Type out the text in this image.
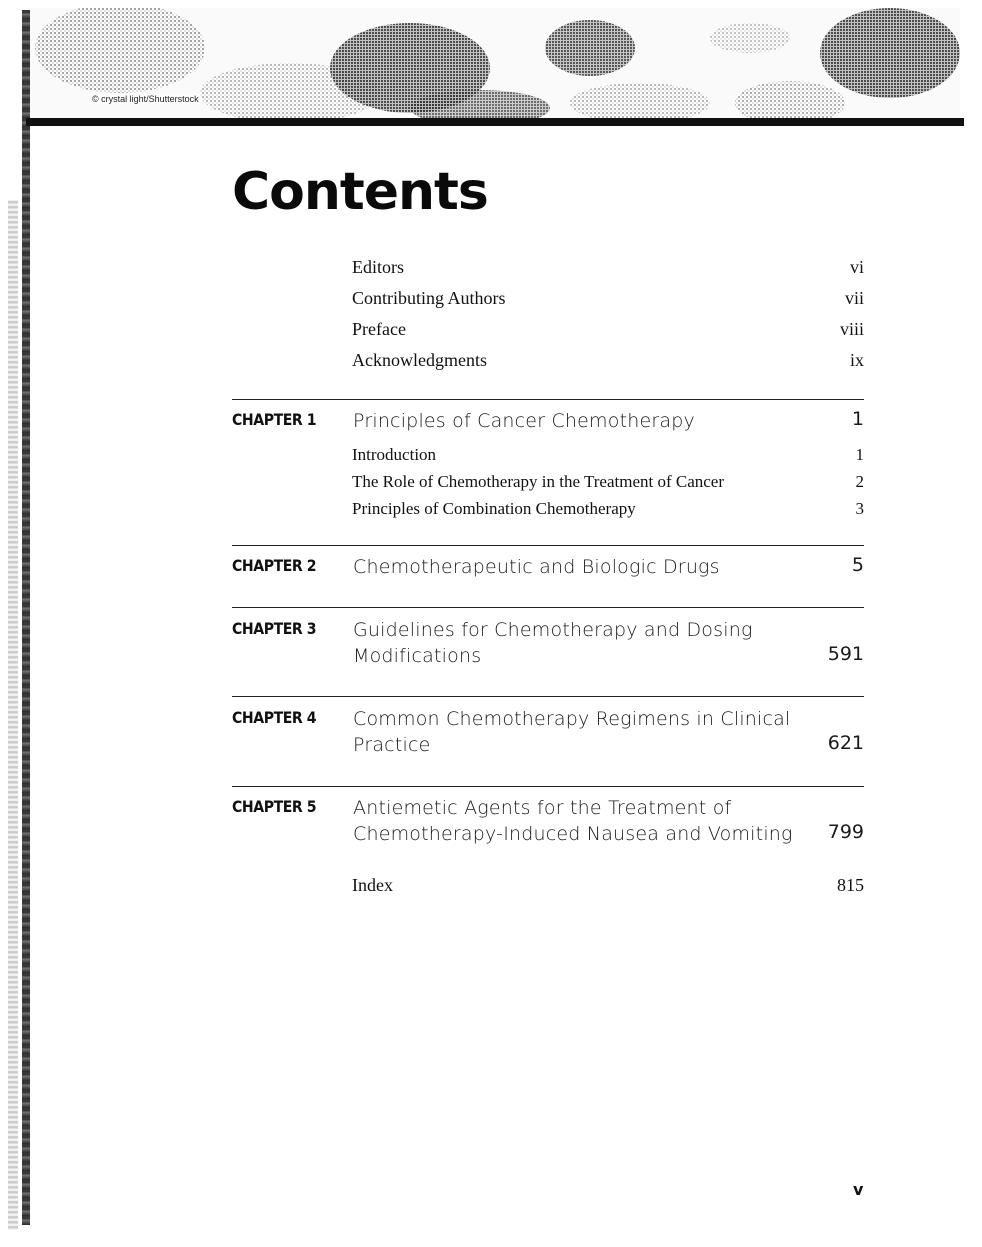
© crystal light/Shutterstock
Contents
Editors	vi
Contributing Authors	vii
Preface	viii
Acknowledgments	ix
CHAPTER 1 Principles of Cancer Chemotherapy	1
Introduction	1
The Role of Chemotherapy in the Treatment of Cancer	2
Principles of Combination Chemotherapy	3
CHAPTER 2 Chemotherapeutic and Biologic Drugs	5
CHAPTER 3 Guidelines for Chemotherapy and Dosing
Modifications	591
CHAPTER 4 Common Chemotherapy Regimens in Clinical
Practice	621
CHAPTER 5 Antiemetic Agents for the Treatment of
Chemotherapy-Induced Nausea and Vomiting	799
Index	815
v
